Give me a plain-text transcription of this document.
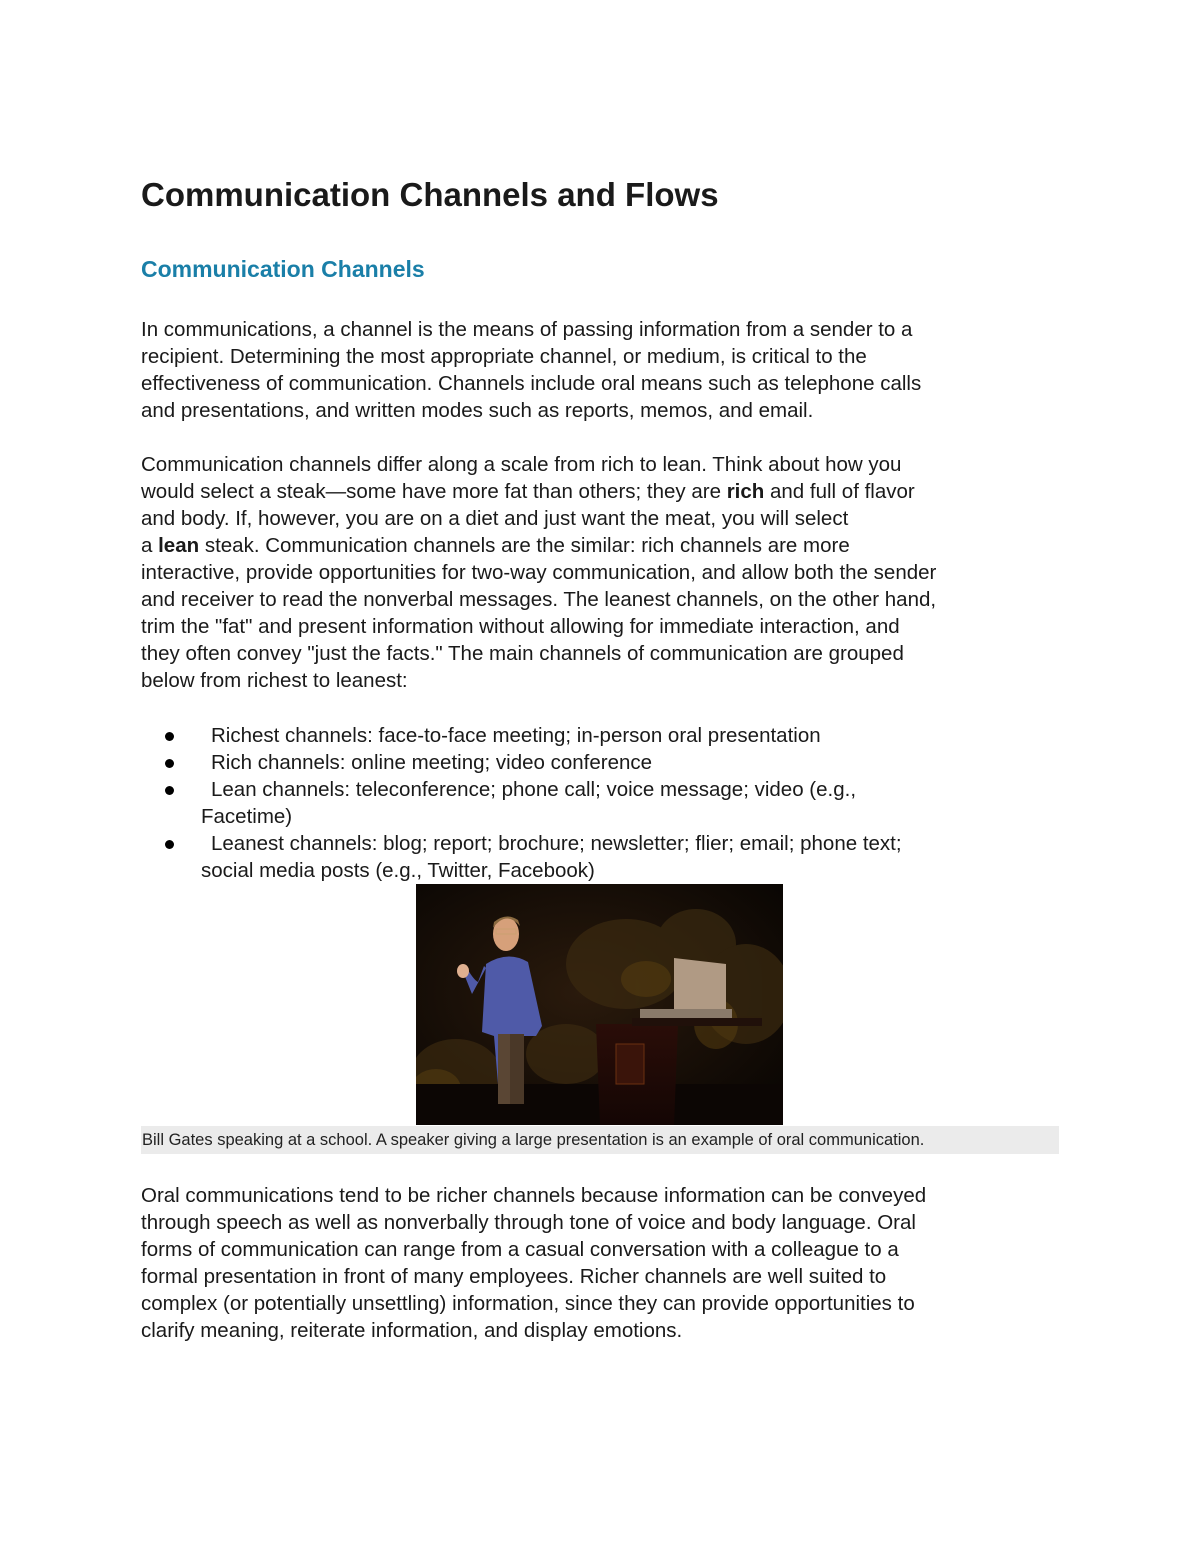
Communication Channels and Flows
Communication Channels

In communications, a channel is the means of passing information from a sender to a
recipient. Determining the most appropriate channel, or medium, is critical to the
effectiveness of communication. Channels include oral means such as telephone calls
and presentations, and written modes such as reports, memos, and email.

Communication channels differ along a scale from rich to lean. Think about how you
would select a steak—some have more fat than others; they are rich and full of flavor
and body. If, however, you are on a diet and just want the meat, you will select
a lean steak. Communication channels are the similar: rich channels are more
interactive, provide opportunities for two-way communication, and allow both the sender
and receiver to read the nonverbal messages. The leanest channels, on the other hand,
trim the "fat" and present information without allowing for immediate interaction, and
they often convey "just the facts." The main channels of communication are grouped
below from richest to leanest:

Richest channels: face-to-face meeting; in-person oral presentation
Rich channels: online meeting; video conference
Lean channels: teleconference; phone call; voice message; video (e.g.,
Facetime)
Leanest channels: blog; report; brochure; newsletter; flier; email; phone text;
social media posts (e.g., Twitter, Facebook)
Bill Gates speaking at a school. A speaker giving a large presentation is an example of oral communication.

Oral communications tend to be richer channels because information can be conveyed
through speech as well as nonverbally through tone of voice and body language. Oral
forms of communication can range from a casual conversation with a colleague to a
formal presentation in front of many employees. Richer channels are well suited to
complex (or potentially unsettling) information, since they can provide opportunities to
clarify meaning, reiterate information, and display emotions.
